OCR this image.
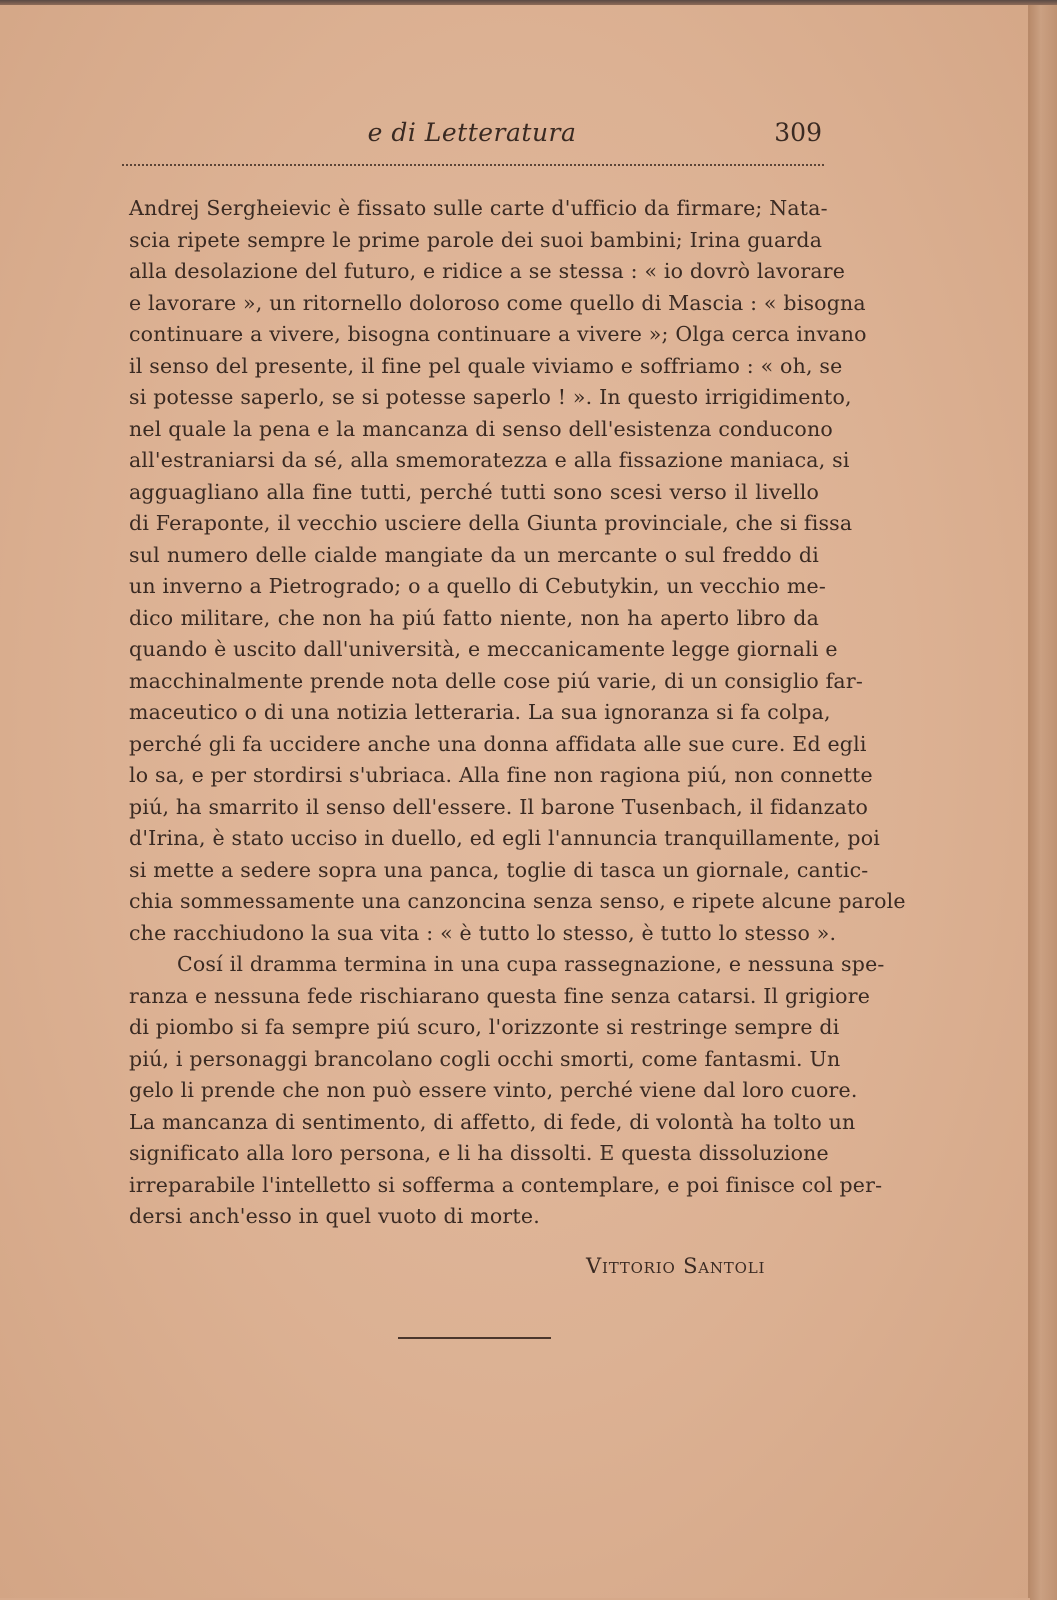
e di Letteratura	309
Andrej Sergheievic è fissato sulle carte d'ufficio da firmare; Nata-
scia ripete sempre le prime parole dei suoi bambini; Irina guarda
alla desolazione del futuro, e ridice a se stessa : « io dovrò lavorare
e lavorare », un ritornello doloroso come quello di Mascia : « bisogna
continuare a vivere, bisogna continuare a vivere »; Olga cerca invano
il senso del presente, il fine pel quale viviamo e soffriamo : « oh, se
si potesse saperlo, se si potesse saperlo ! ». In questo irrigidimento,
nel quale la pena e la mancanza di senso dell'esistenza conducono
all'estraniarsi da sé, alla smemoratezza e alla fissazione maniaca, si
agguagliano alla fine tutti, perché tutti sono scesi verso il livello
di Feraponte, il vecchio usciere della Giunta provinciale, che si fissa
sul numero delle cialde mangiate da un mercante o sul freddo di
un inverno a Pietrogrado; o a quello di Cebutykin, un vecchio me-
dico militare, che non ha piú fatto niente, non ha aperto libro da
quando è uscito dall'università, e meccanicamente legge giornali e
macchinalmente prende nota delle cose piú varie, di un consiglio far-
maceutico o di una notizia letteraria. La sua ignoranza si fa colpa,
perché gli fa uccidere anche una donna affidata alle sue cure. Ed egli
lo sa, e per stordirsi s'ubriaca. Alla fine non ragiona piú, non connette
piú, ha smarrito il senso dell'essere. Il barone Tusenbach, il fidanzato
d'Irina, è stato ucciso in duello, ed egli l'annuncia tranquillamente, poi
si mette a sedere sopra una panca, toglie di tasca un giornale, cantic-
chia sommessamente una canzoncina senza senso, e ripete alcune parole
che racchiudono la sua vita : « è tutto lo stesso, è tutto lo stesso ».
Cosí il dramma termina in una cupa rassegnazione, e nessuna spe-
ranza e nessuna fede rischiarano questa fine senza catarsi. Il grigiore
di piombo si fa sempre piú scuro, l'orizzonte si restringe sempre di
piú, i personaggi brancolano cogli occhi smorti, come fantasmi. Un
gelo li prende che non può essere vinto, perché viene dal loro cuore.
La mancanza di sentimento, di affetto, di fede, di volontà ha tolto un
significato alla loro persona, e li ha dissolti. E questa dissoluzione
irreparabile l'intelletto si sofferma a contemplare, e poi finisce col per-
dersi anch'esso in quel vuoto di morte.
Vittorio Santoli
